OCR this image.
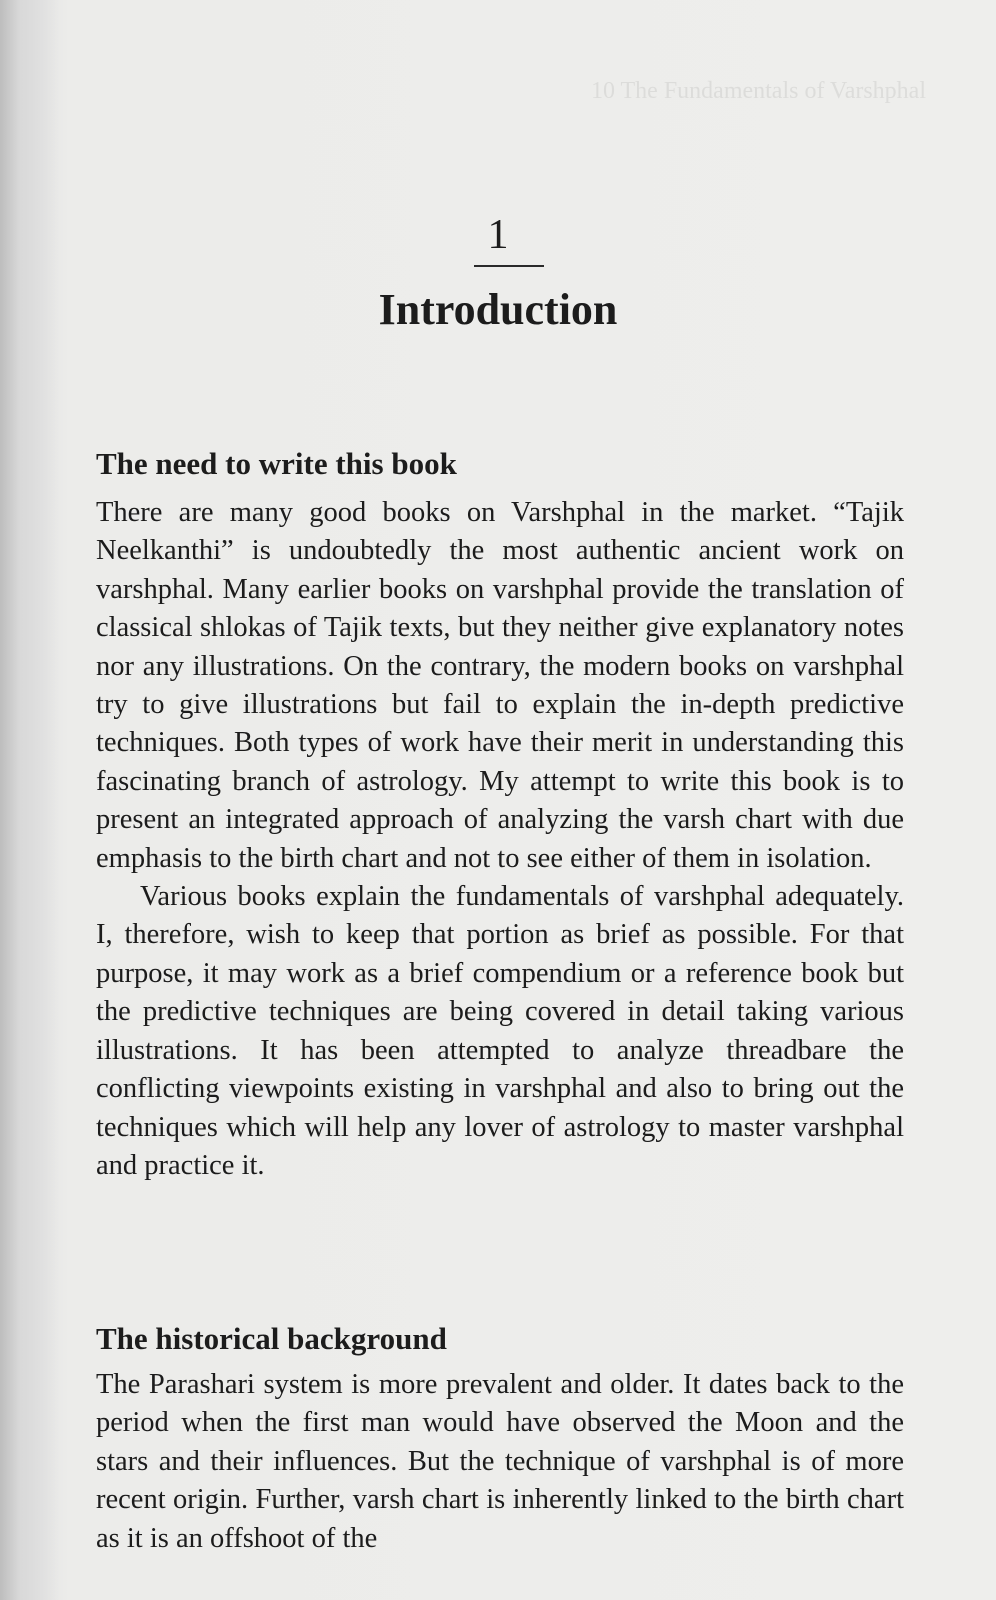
10 The Fundamentals of Varshphal
1
Introduction
The need to write this book

There are many good books on Varshphal in the market. “Tajik Neelkanthi” is undoubtedly the most authentic ancient work on varshphal. Many earlier books on varshphal provide the translation of classical shlokas of Tajik texts, but they neither give explanatory notes nor any illustrations. On the contrary, the modern books on varshphal try to give illustrations but fail to explain the in-depth predictive techniques. Both types of work have their merit in understanding this fascinating branch of astrology. My attempt to write this book is to present an integrated approach of analyzing the varsh chart with due emphasis to the birth chart and not to see either of them in isolation.

Various books explain the fundamentals of varshphal adequately. I, therefore, wish to keep that portion as brief as possible. For that purpose, it may work as a brief compendium or a reference book but the predictive techniques are being covered in detail taking various illustrations. It has been attempted to analyze threadbare the conflicting viewpoints existing in varshphal and also to bring out the techniques which will help any lover of astrology to master varshphal and practice it.

The historical background

The Parashari system is more prevalent and older. It dates back to the period when the first man would have observed the Moon and the stars and their influences. But the technique of varshphal is of more recent origin. Further, varsh chart is inherently linked to the birth chart as it is an offshoot of the
